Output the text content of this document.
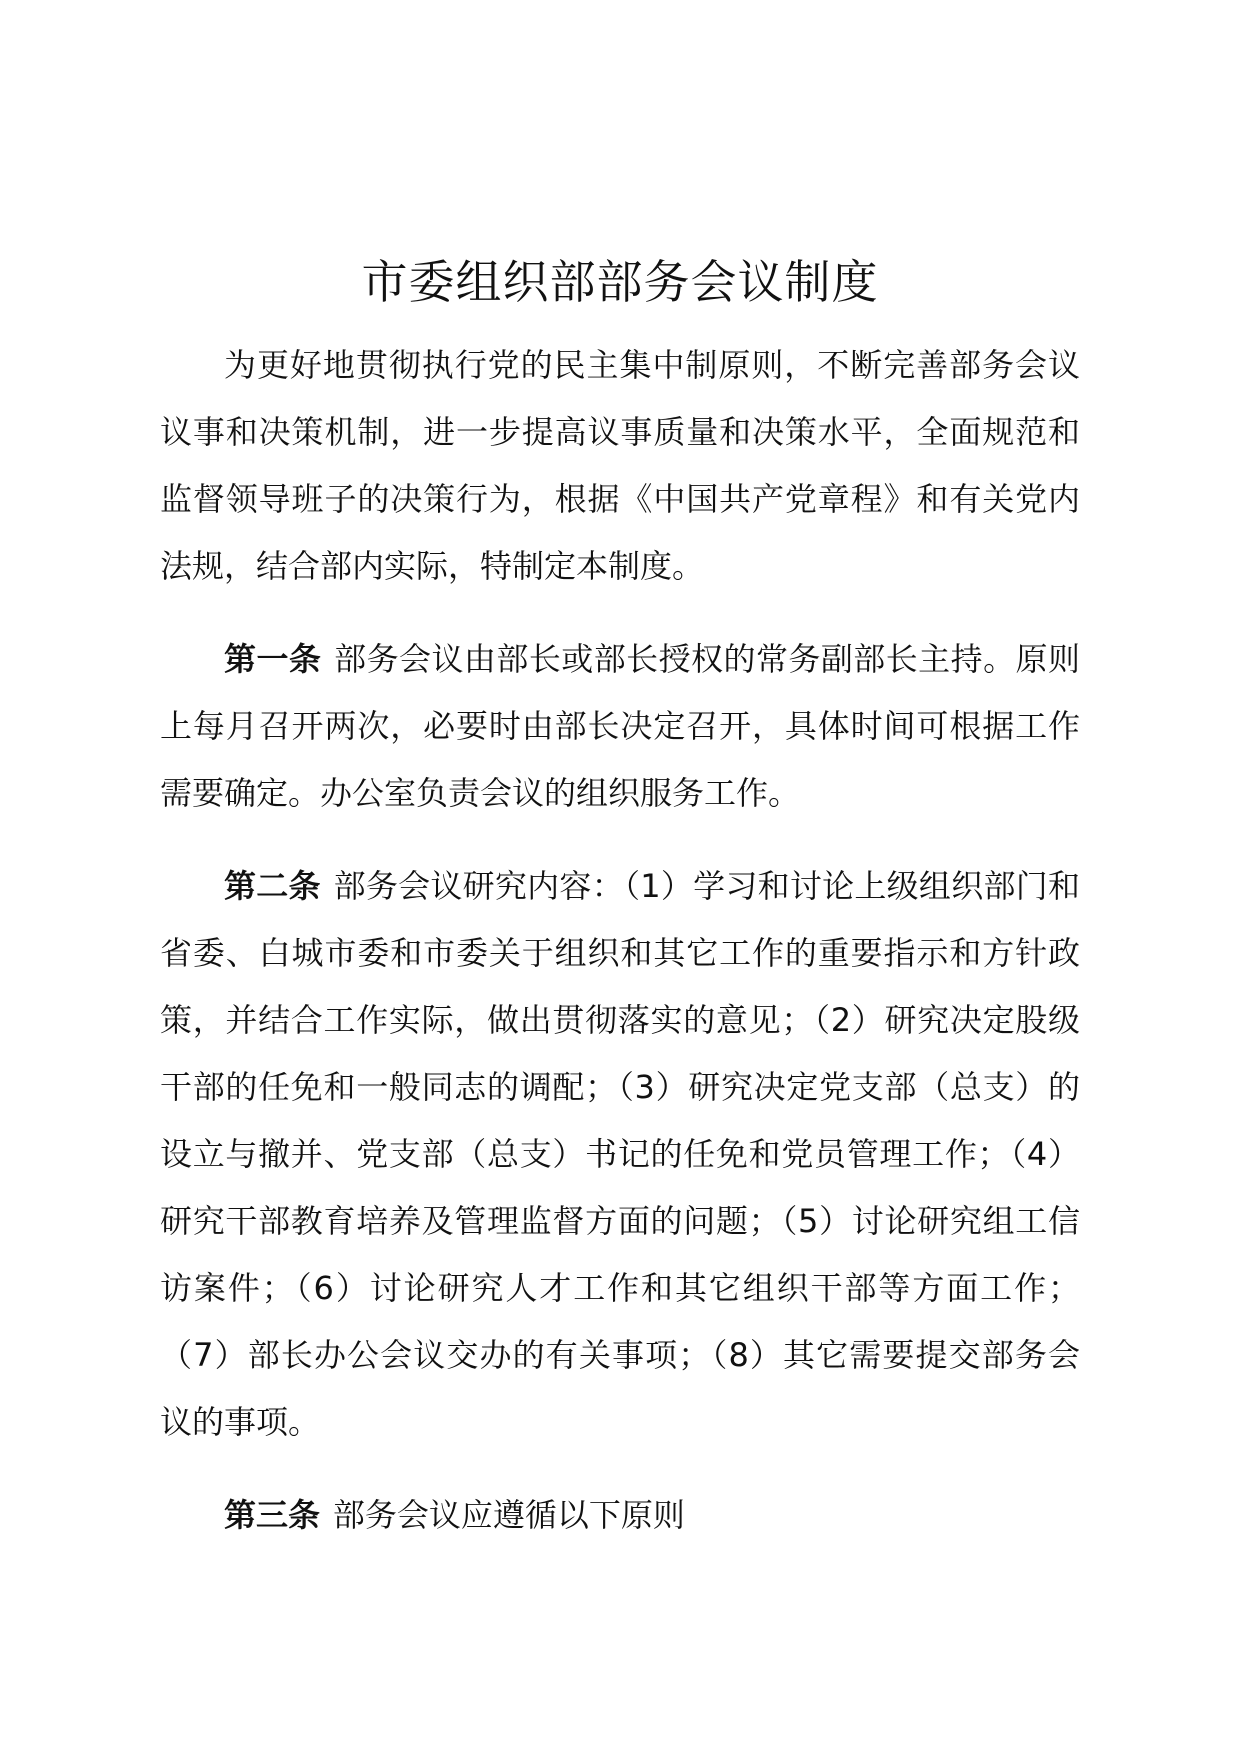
市委组织部部务会议制度

为更好地贯彻执行党的民主集中制原则，不断完善部务会议议事和决策机制，进一步提高议事质量和决策水平，全面规范和监督领导班子的决策行为，根据《中国共产党章程》和有关党内法规，结合部内实际，特制定本制度。

第一条 部务会议由部长或部长授权的常务副部长主持。原则上每月召开两次，必要时由部长决定召开，具体时间可根据工作需要确定。办公室负责会议的组织服务工作。

第二条 部务会议研究内容：（1）学习和讨论上级组织部门和省委、白城市委和市委关于组织和其它工作的重要指示和方针政策，并结合工作实际，做出贯彻落实的意见；（2）研究决定股级干部的任免和一般同志的调配；（3）研究决定党支部（总支）的设立与撤并、党支部（总支）书记的任免和党员管理工作；（4）研究干部教育培养及管理监督方面的问题；（5）讨论研究组工信访案件；（6）讨论研究人才工作和其它组织干部等方面工作；（7）部长办公会议交办的有关事项；（8）其它需要提交部务会议的事项。

第三条 部务会议应遵循以下原则
